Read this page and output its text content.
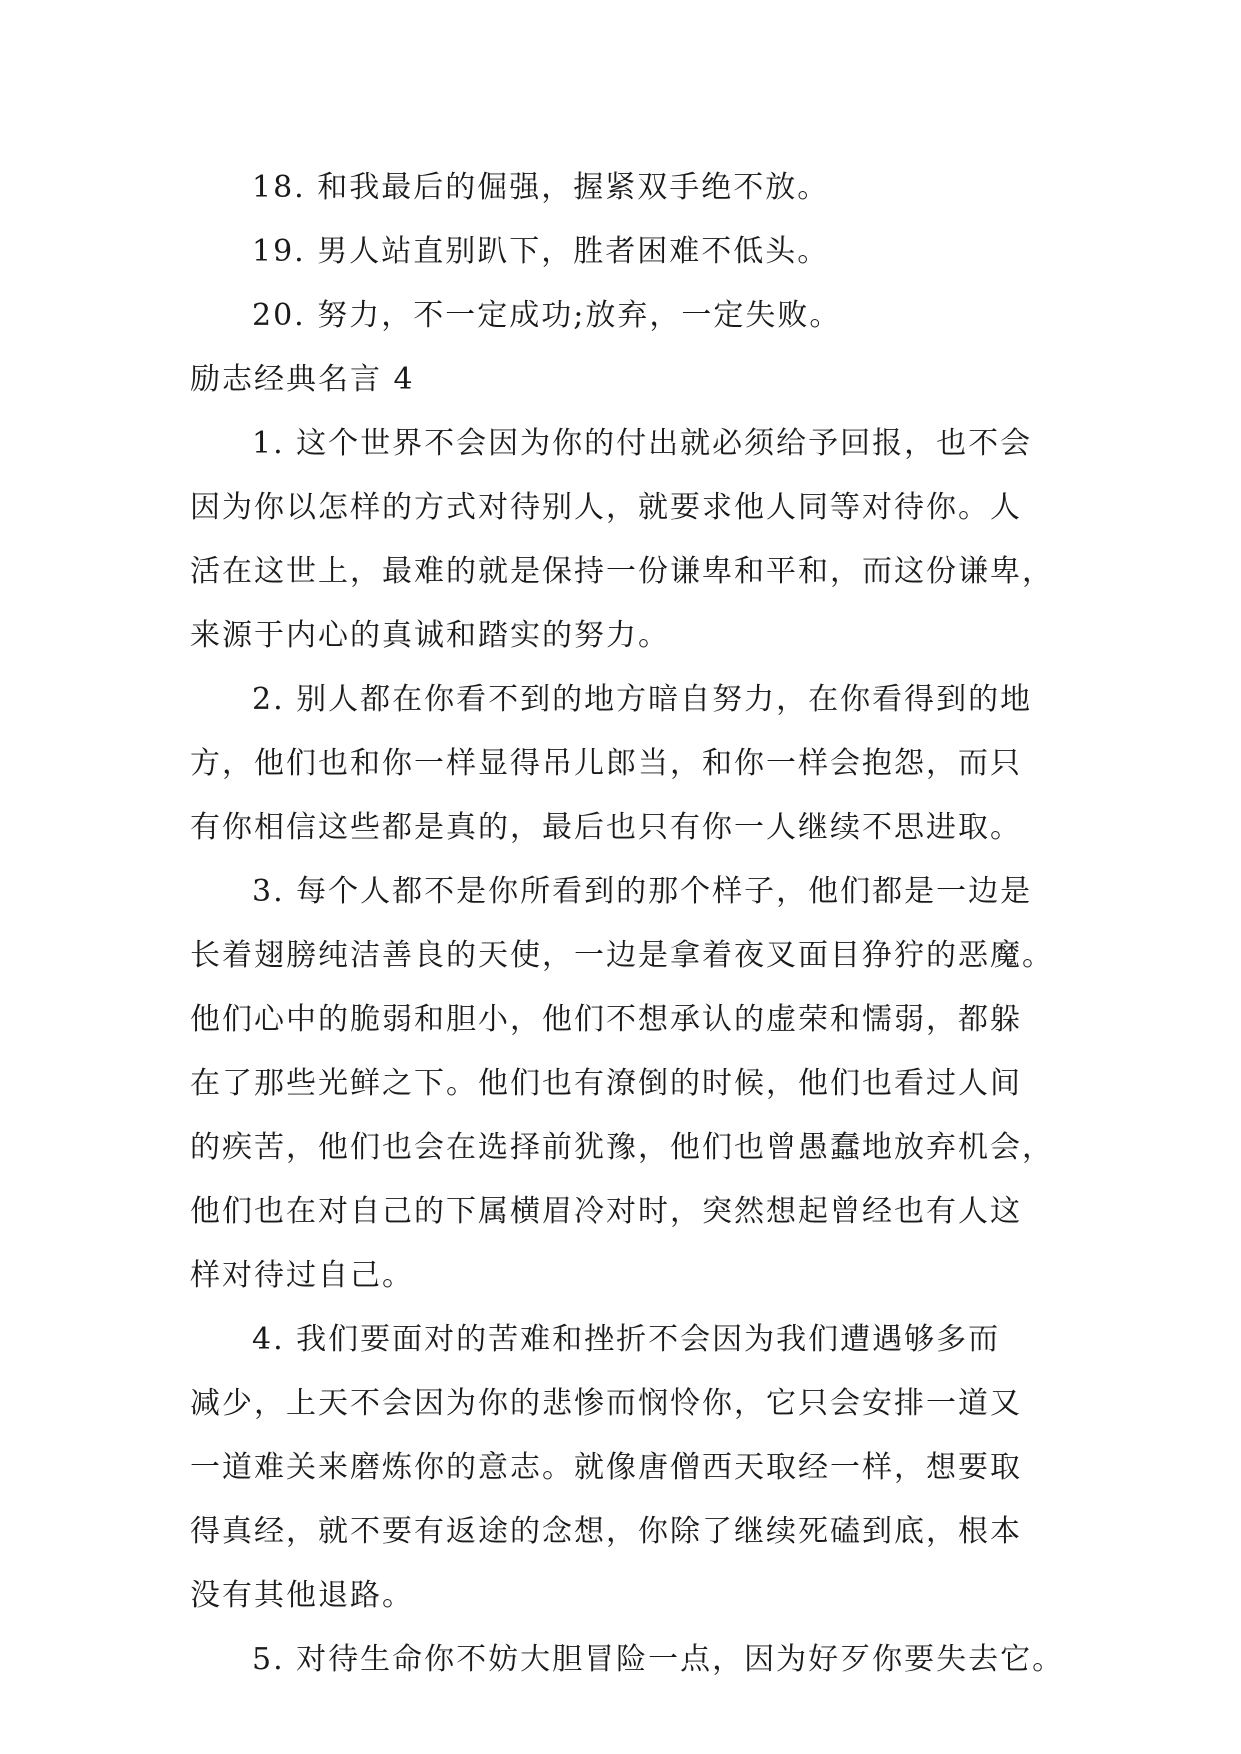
18. 和我最后的倔强，握紧双手绝不放。
19. 男人站直别趴下，胜者困难不低头。
20. 努力，不一定成功;放弃，一定失败。
励志经典名言 4
1. 这个世界不会因为你的付出就必须给予回报，也不会
因为你以怎样的方式对待别人，就要求他人同等对待你。人
活在这世上，最难的就是保持一份谦卑和平和，而这份谦卑，
来源于内心的真诚和踏实的努力。
2. 别人都在你看不到的地方暗自努力，在你看得到的地
方，他们也和你一样显得吊儿郎当，和你一样会抱怨，而只
有你相信这些都是真的，最后也只有你一人继续不思进取。
3. 每个人都不是你所看到的那个样子，他们都是一边是
长着翅膀纯洁善良的天使，一边是拿着夜叉面目狰狞的恶魔。
他们心中的脆弱和胆小，他们不想承认的虚荣和懦弱，都躲
在了那些光鲜之下。他们也有潦倒的时候，他们也看过人间
的疾苦，他们也会在选择前犹豫，他们也曾愚蠢地放弃机会，
他们也在对自己的下属横眉冷对时，突然想起曾经也有人这
样对待过自己。
4. 我们要面对的苦难和挫折不会因为我们遭遇够多而
减少，上天不会因为你的悲惨而悯怜你，它只会安排一道又
一道难关来磨炼你的意志。就像唐僧西天取经一样，想要取
得真经，就不要有返途的念想，你除了继续死磕到底，根本
没有其他退路。
5. 对待生命你不妨大胆冒险一点，因为好歹你要失去它。
